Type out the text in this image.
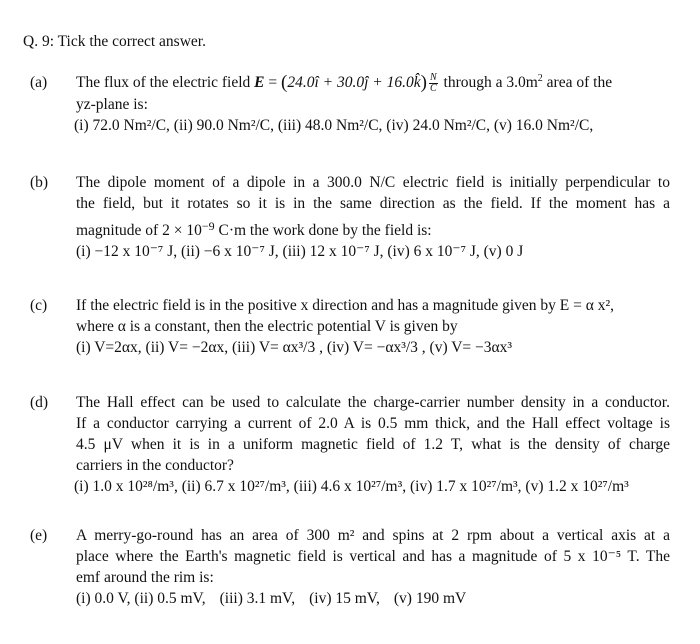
Q. 9: Tick the correct answer.
(a) The flux of the electric field E = (24.0î + 30.0ĵ + 16.0k̂) $\frac{N}{C}$ through a $3.0m^2$ area of the
yz-plane is:
(i) 72.0 Nm²/C, (ii) 90.0 Nm²/C, (iii) 48.0 Nm²/C, (iv) 24.0 Nm²/C, (v) 16.0 Nm²/C,
(b) The dipole moment of a dipole in a 300.0 N/C electric field is initially perpendicular to
the field, but it rotates so it is in the same direction as the field. If the moment has a
magnitude of $2 \times 10^{-9}$ C·m the work done by the field is:
(i) −12 x 10⁻⁷ J, (ii) −6 x 10⁻⁷ J, (iii) 12 x 10⁻⁷ J, (iv) 6 x 10⁻⁷ J, (v) 0 J
(c) If the electric field is in the positive x direction and has a magnitude given by E = α x²,
where α is a constant, then the electric potential V is given by
(i) V=2αx, (ii) V= −2αx, (iii) V= αx³/3 , (iv) V= −αx³/3 , (v) V= −3αx³
(d) The Hall effect can be used to calculate the charge-carrier number density in a conductor.
If a conductor carrying a current of 2.0 A is 0.5 mm thick, and the Hall effect voltage is
4.5 μV when it is in a uniform magnetic field of 1.2 T, what is the density of charge
carriers in the conductor?
(i) 1.0 x 10²⁸/m³, (ii) 6.7 x 10²⁷/m³, (iii) 4.6 x 10²⁷/m³, (iv) 1.7 x 10²⁷/m³, (v) 1.2 x 10²⁷/m³
(e) A merry-go-round has an area of 300 m² and spins at 2 rpm about a vertical axis at a
place where the Earth's magnetic field is vertical and has a magnitude of 5 x 10⁻⁵ T. The
emf around the rim is:
(i) 0.0 V, (ii) 0.5 mV, (iii) 3.1 mV, (iv) 15 mV, (v) 190 mV
